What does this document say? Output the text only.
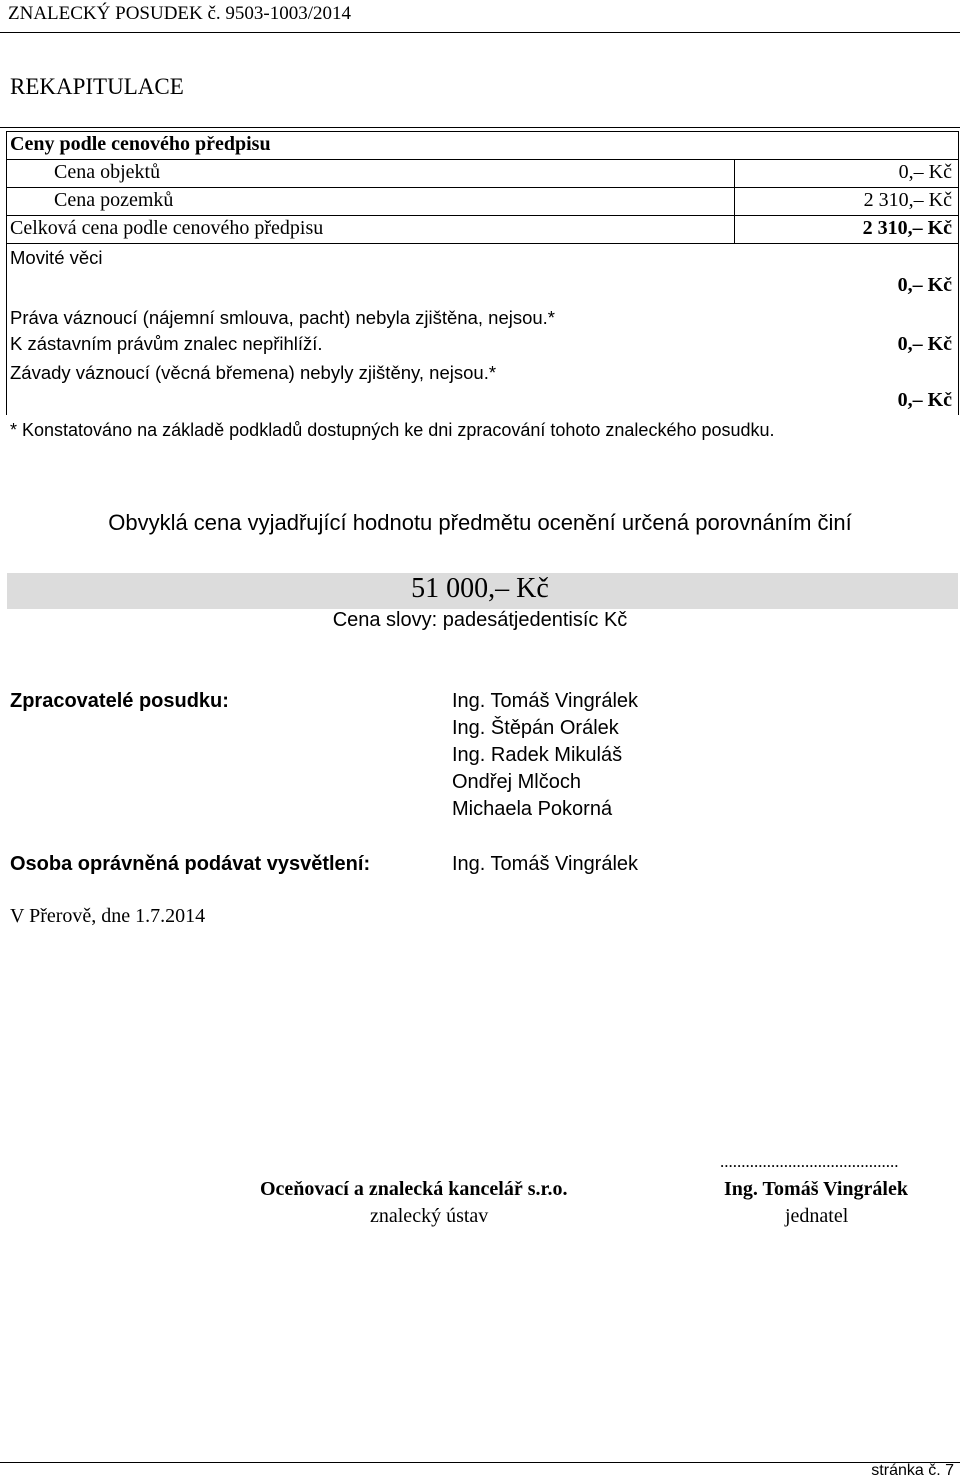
ZNALECKÝ POSUDEK č. 9503-1003/2014
REKAPITULACE
Ceny podle cenového předpisu
Cena objektů	0,– Kč
Cena pozemků	2 310,– Kč
Celková cena podle cenového předpisu	2 310,– Kč
Movité věci
0,– Kč
Práva váznoucí (nájemní smlouva, pacht) nebyla zjištěna, nejsou.*
K zástavním právům znalec nepřihlíží.	0,– Kč
Závady váznoucí (věcná břemena) nebyly zjištěny, nejsou.*
0,– Kč
* Konstatováno na základě podkladů dostupných ke dni zpracování tohoto znaleckého posudku.
Obvyklá cena vyjadřující hodnotu předmětu ocenění určená porovnáním činí
51 000,– Kč
Cena slovy: padesátjedentisíc Kč
Zpracovatelé posudku:	Ing. Tomáš Vingrálek
Ing. Štěpán Orálek
Ing. Radek Mikuláš
Ondřej Mlčoch
Michaela Pokorná
Osoba oprávněná podávat vysvětlení:	Ing. Tomáš Vingrálek
V Přerově, dne 1.7.2014
Oceňovací a znalecká kancelář s.r.o.
znalecký ústav
..........................................
Ing. Tomáš Vingrálek
jednatel
stránka č. 7
